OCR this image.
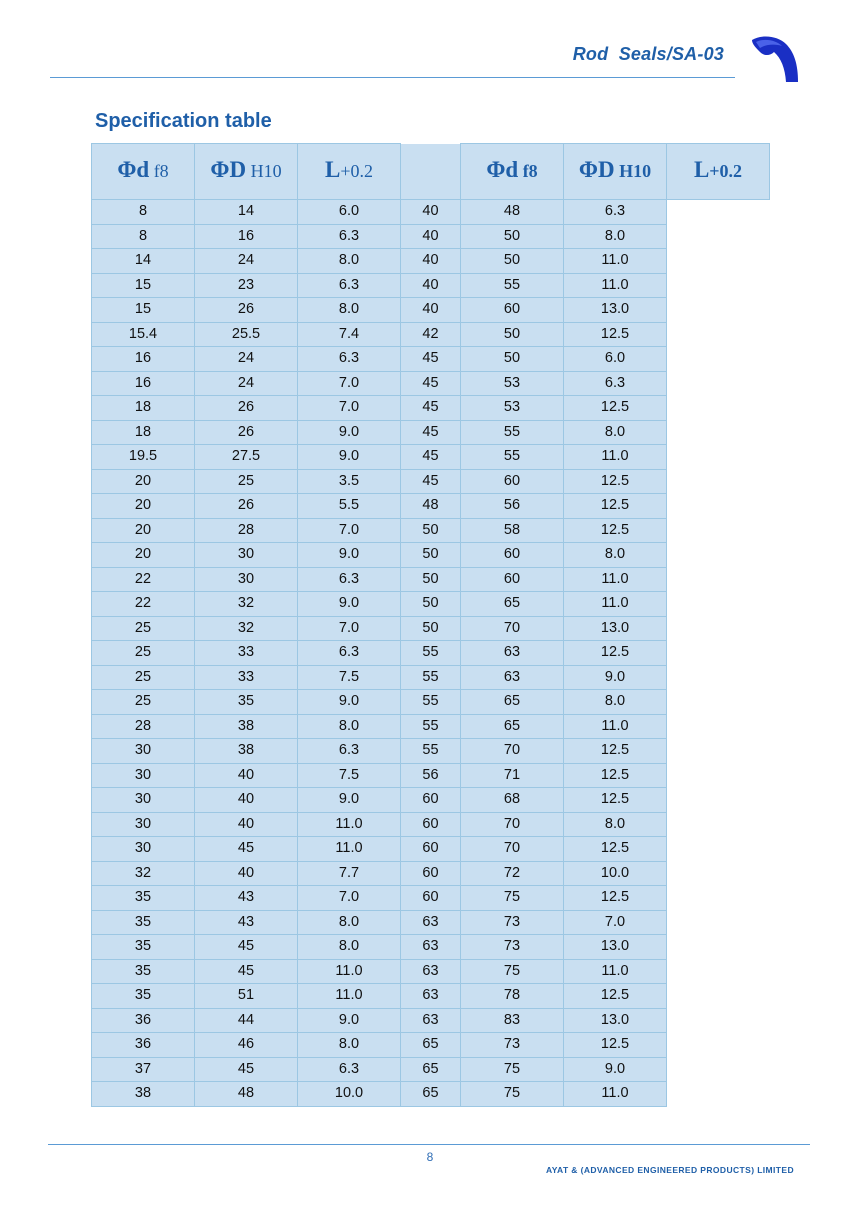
Rod  Seals/SA-03
Specification table
Φd f8	ΦD H10	L+0.2		Φd f8	ΦD H10	L+0.2
8	14	6.0	40	48	6.3	
8	16	6.3	40	50	8.0	
14	24	8.0	40	50	11.0	
15	23	6.3	40	55	11.0	
15	26	8.0	40	60	13.0	
15.4	25.5	7.4	42	50	12.5	
16	24	6.3	45	50	6.0	
16	24	7.0	45	53	6.3	
18	26	7.0	45	53	12.5	
18	26	9.0	45	55	8.0	
19.5	27.5	9.0	45	55	11.0	
20	25	3.5	45	60	12.5	
20	26	5.5	48	56	12.5	
20	28	7.0	50	58	12.5	
20	30	9.0	50	60	8.0	
22	30	6.3	50	60	11.0	
22	32	9.0	50	65	11.0	
25	32	7.0	50	70	13.0	
25	33	6.3	55	63	12.5	
25	33	7.5	55	63	9.0	
25	35	9.0	55	65	8.0	
28	38	8.0	55	65	11.0	
30	38	6.3	55	70	12.5	
30	40	7.5	56	71	12.5	
30	40	9.0	60	68	12.5	
30	40	11.0	60	70	8.0	
30	45	11.0	60	70	12.5	
32	40	7.7	60	72	10.0	
35	43	7.0	60	75	12.5	
35	43	8.0	63	73	7.0	
35	45	8.0	63	73	13.0	
35	45	11.0	63	75	11.0	
35	51	11.0	63	78	12.5	
36	44	9.0	63	83	13.0	
36	46	8.0	65	73	12.5	
37	45	6.3	65	75	9.0	
38	48	10.0	65	75	11.0	
8
AYAT & (ADVANCED ENGINEERED PRODUCTS) LIMITED
